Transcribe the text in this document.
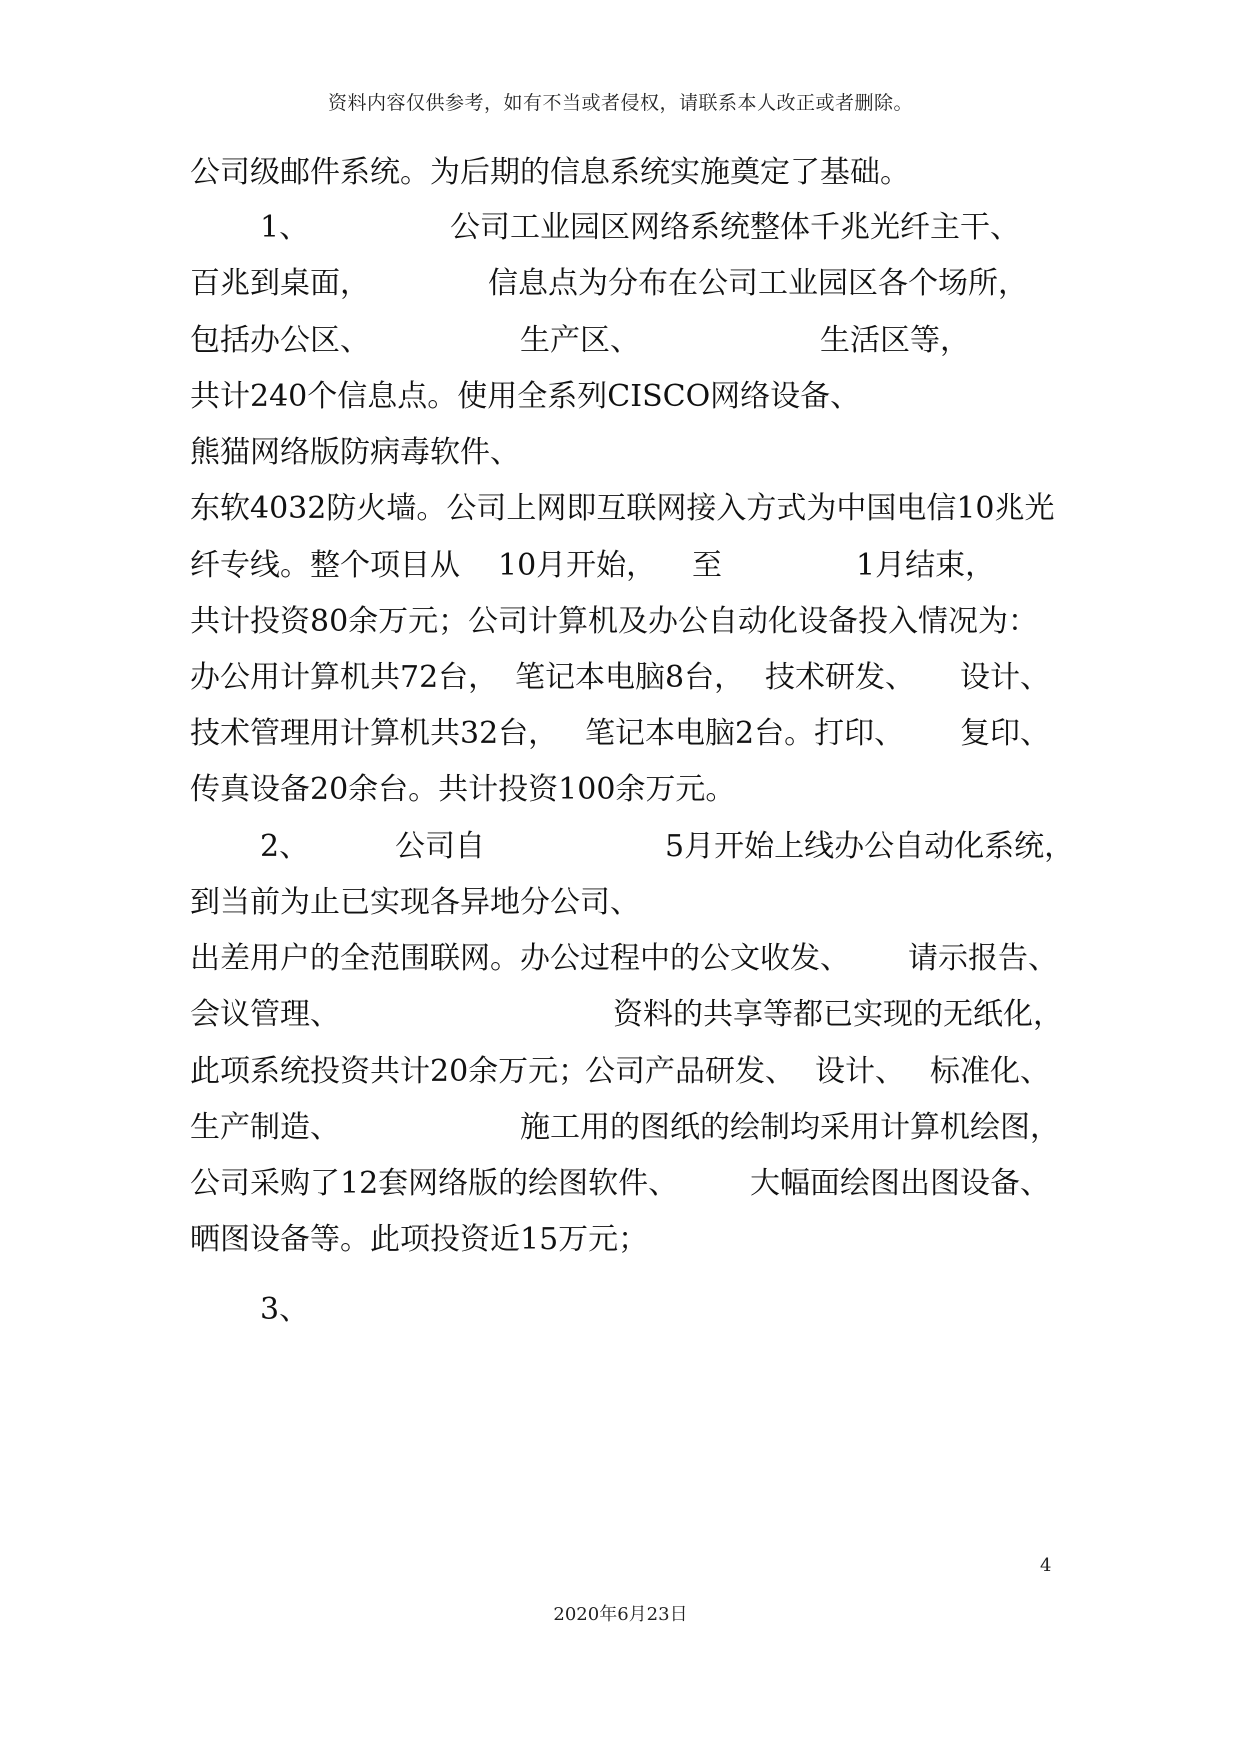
资料内容仅供参考，如有不当或者侵权，请联系本人改正或者删除。
公司级邮件系统。为后期的信息系统实施奠定了基础。
1、	公司工业园区网络系统整体千兆光纤主干、
百兆到桌面，	信息点为分布在公司工业园区各个场所，
包括办公区、	生产区、	生活区等，
共计240个信息点。使用全系列CISCO网络设备、
熊猫网络版防病毒软件、
东软4032防火墙。公司上网即互联网接入方式为中国电信10兆光
纤专线。整个项目从 10月开始， 至	1月结束，
共计投资80余万元； 公司计算机及办公自动化设备投入情况为：
办公用计算机共72台， 笔记本电脑8台， 技术研发、 设计、
技术管理用计算机共32台， 笔记本电脑2台。打印、 复印、
传真设备20余台。共计投资100余万元。
2、	公司自	5月开始上线办公自动化系统，
到当前为止已实现各异地分公司、
出差用户的全范围联网。办公过程中的公文收发、 请示报告、
会议管理、	资料的共享等都已实现的无纸化，
此项系统投资共计20余万元；
公司产品研发、 设计、 标准化、
生产制造、	施工用的图纸的绘制均采用计算机绘图，
公司采购了12套网络版的绘图软件、 大幅面绘图出图设备、
晒图设备等。此项投资近15万元；
3、
4
2020年6月23日
